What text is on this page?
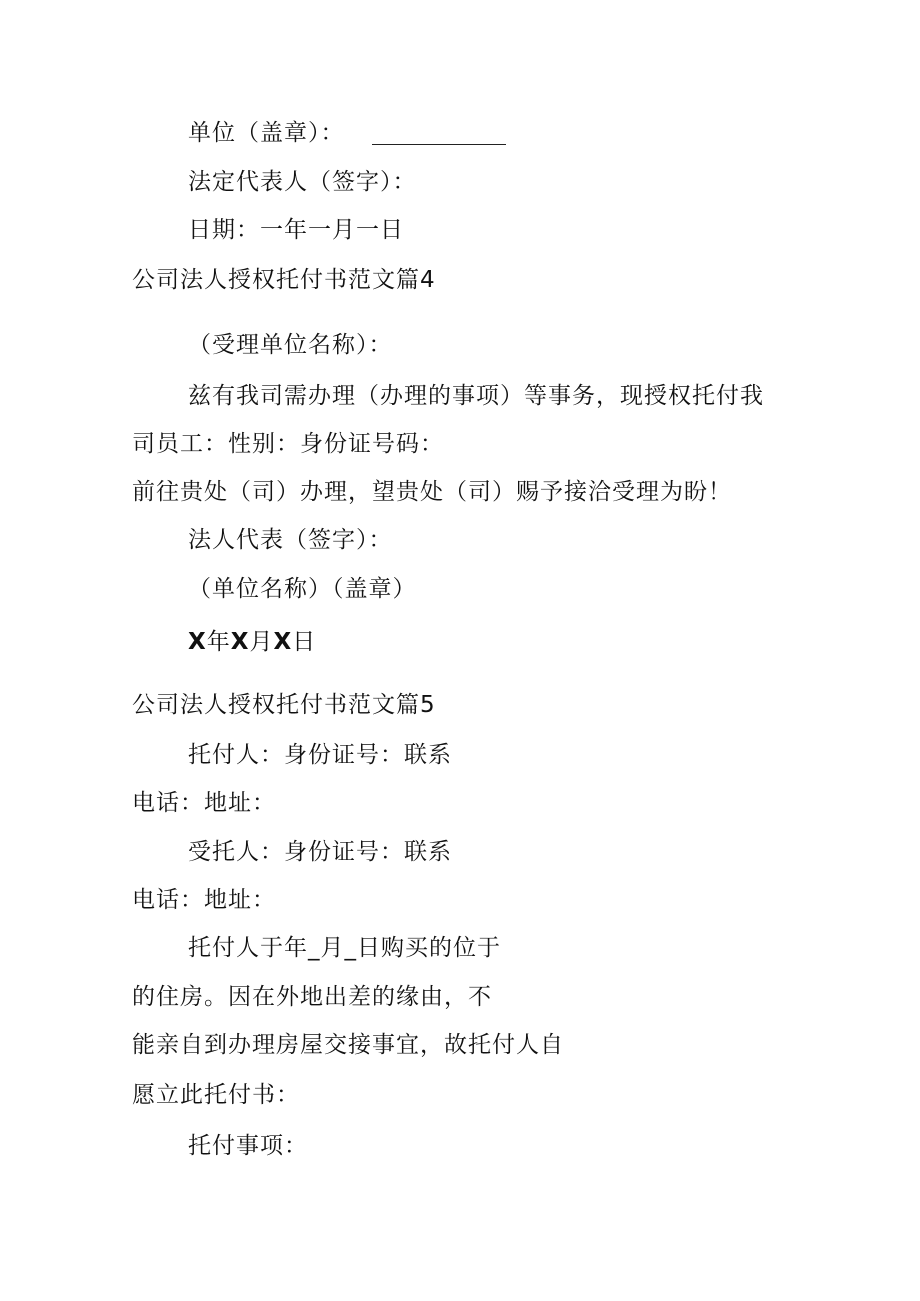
单位（盖章）：

法定代表人（签字）：

日期：一年一月一日

公司法人授权托付书范文篇4

（受理单位名称）：

兹有我司需办理（办理的事项）等事务，现授权托付我

司员工：性别：身份证号码：

前往贵处（司）办理，望贵处（司）赐予接洽受理为盼！

法人代表（签字）：

（单位名称）（盖章）

X年X月X日

公司法人授权托付书范文篇5

托付人：身份证号：联系

电话：地址：

受托人：身份证号：联系

电话：地址：

托付人于年_月_日购买的位于

的住房。因在外地出差的缘由，不

能亲自到办理房屋交接事宜，故托付人自

愿立此托付书：

托付事项：
